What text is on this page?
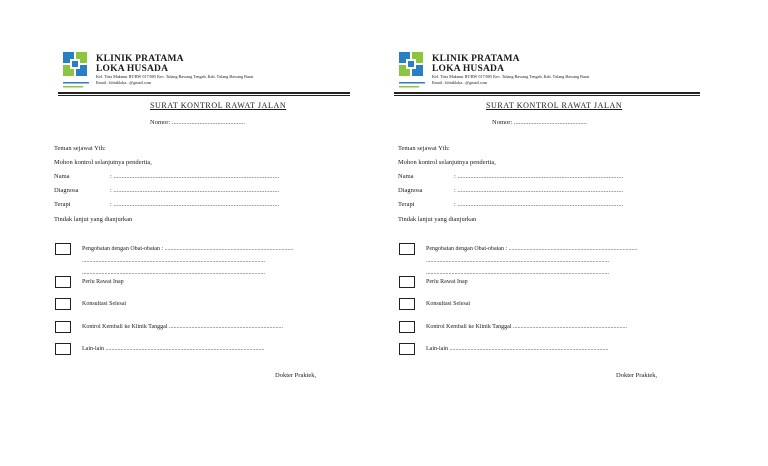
KLINIK PRATAMA
LOKA HUSADA
Kel. Tirta Makmur RT/RW 017/005 Kec. Tulang Bawang Tengah, Kab. Tulang Bawang Barat
Email : klinikloka...@gmail.com
SURAT KONTROL RAWAT JALAN
Nomor: .............................................
Teman sejawat Yth:
Mohon kontrol selanjutnya penderita,
Nama	: ......................................................................................................
Diagnosa	: ......................................................................................................
Terapi	: ......................................................................................................
Tindak lanjut yang dianjurkan
Pengobatan dengan Obat-obatan : ......................................................................................
..........................................................................................................................
..........................................................................................................................
Perlu Rawat Inap
Konsultasi Selesai
Kontrol Kembali ke Klinik Tanggal ............................................................................
Lain-lain ..........................................................................................................
Dokter Praktek,
KLINIK PRATAMA
LOKA HUSADA
Kel. Tirta Makmur RT/RW 017/005 Kec. Tulang Bawang Tengah, Kab. Tulang Bawang Barat
Email : klinikloka...@gmail.com
SURAT KONTROL RAWAT JALAN
Nomor: .............................................
Teman sejawat Yth:
Mohon kontrol selanjutnya penderita,
Nama	: ......................................................................................................
Diagnosa	: ......................................................................................................
Terapi	: ......................................................................................................
Tindak lanjut yang dianjurkan
Pengobatan dengan Obat-obatan : ......................................................................................
..........................................................................................................................
..........................................................................................................................
Perlu Rawat Inap
Konsultasi Selesai
Kontrol Kembali ke Klinik Tanggal ............................................................................
Lain-lain ..........................................................................................................
Dokter Praktek,
